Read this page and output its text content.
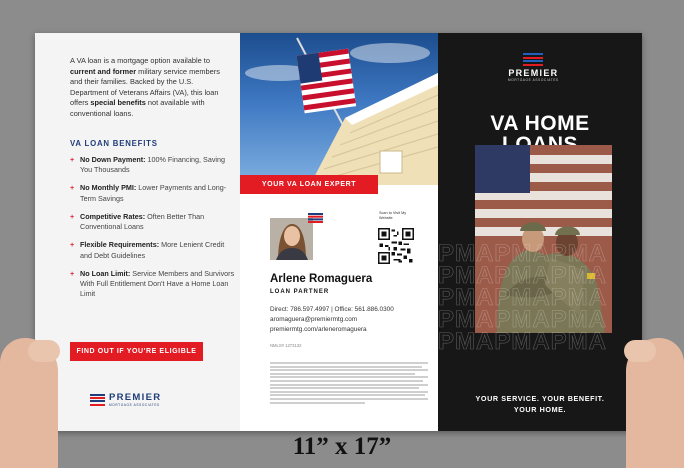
A VA loan is a mortgage option available to current and former military service members and their families. Backed by the U.S. Department of Veterans Affairs (VA), this loan offers special benefits not available with conventional loans.

VA LOAN BENEFITS
+ No Down Payment: 100% Financing, Saving You Thousands
+ No Monthly PMI: Lower Payments and Long-Term Savings
+ Competitive Rates: Often Better Than Conventional Loans
+ Flexible Requirements: More Lenient Credit and Debt Guidelines
+ No Loan Limit: Service Members and Survivors With Full Entitlement Don't Have a Home Loan Limit
FIND OUT IF YOU'RE ELIGIBLE
PREMIER
MORTGAGE ASSOCIATES
YOUR VA LOAN EXPERT

Scan to Visit My Website

Arlene Romaguera
LOAN PARTNER
Direct: 786.597.4997 | Office: 561.886.0300
aromaguera@premiermtg.com
premiermtg.com/arleneromaguera
NMLS# 1273132
PREMIER
MORTGAGE ASSOCIATES
VA HOME
PMAPMAPMA
PMAPMAPMA
PMAPMAPMA
PMAPMAPMA
PMAPMAPMA

YOUR SERVICE. YOUR BENEFIT.
YOUR HOME.

11” x 17”
